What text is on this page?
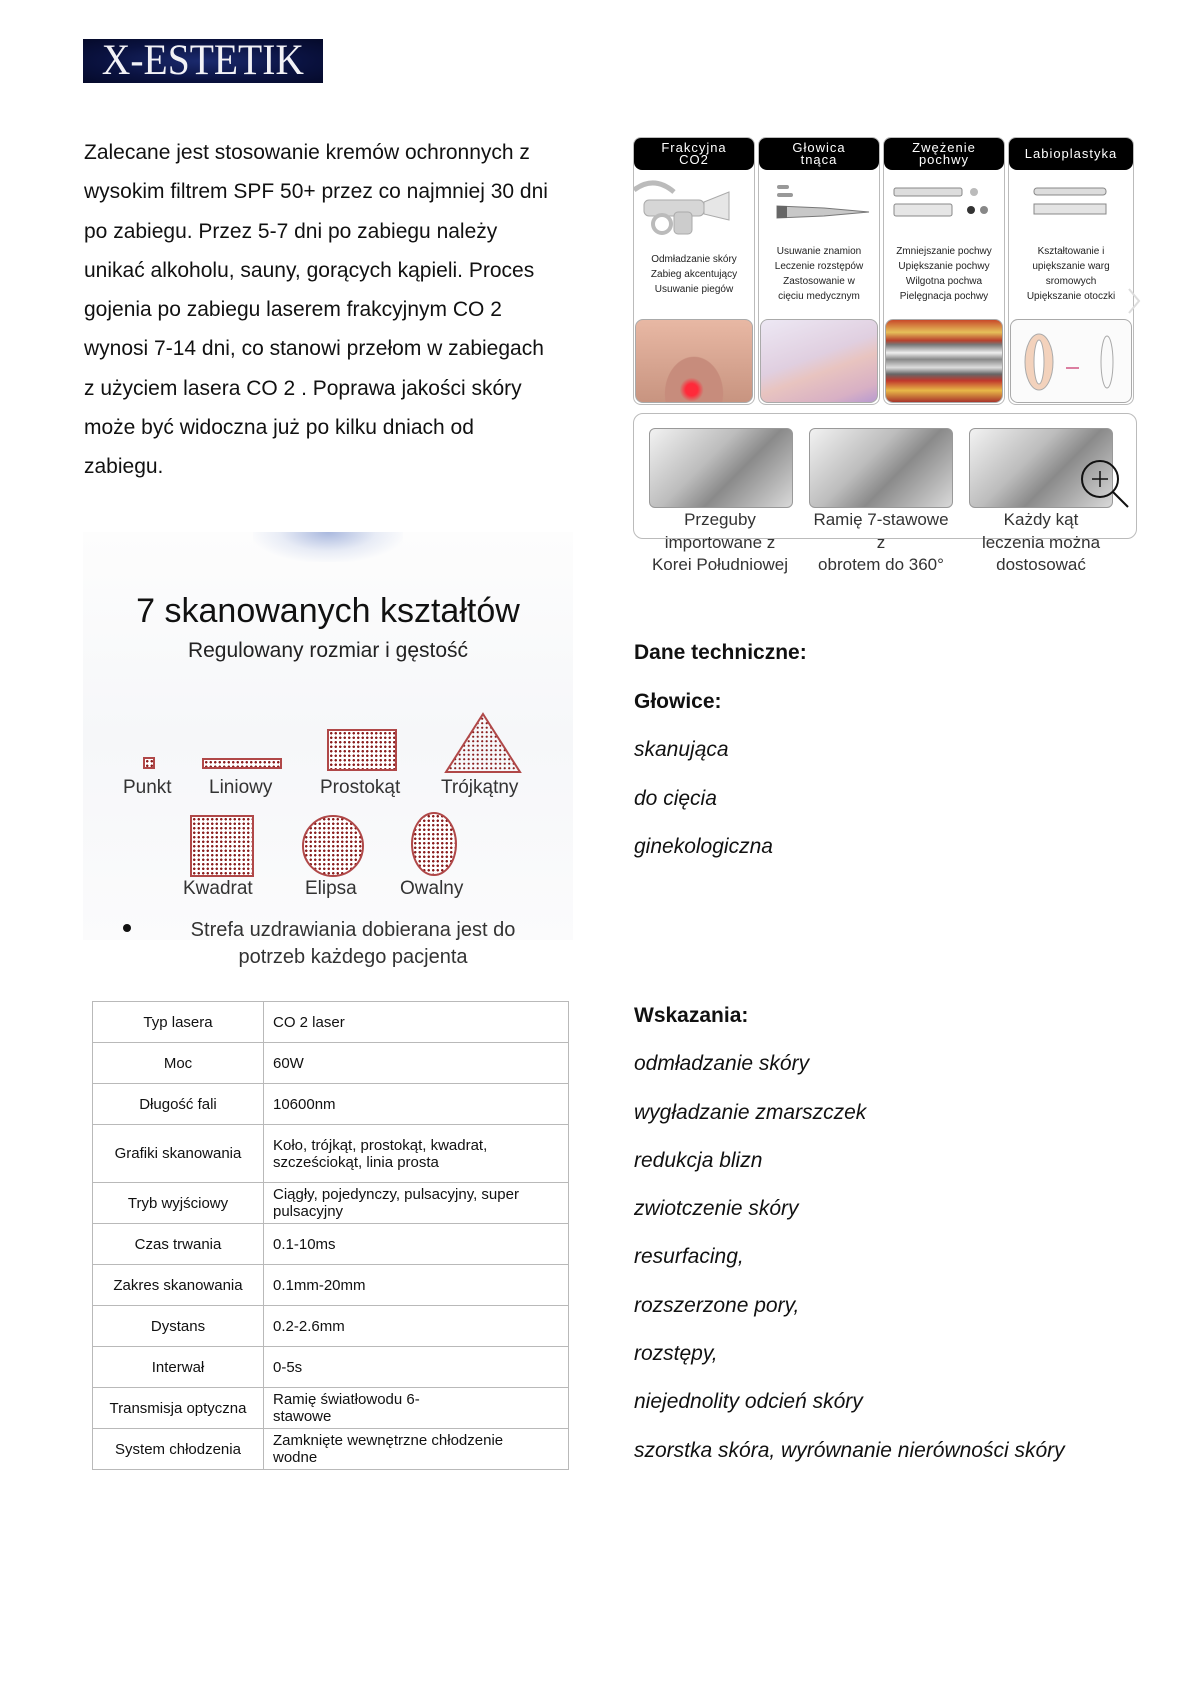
X-ESTETIK
Zalecane jest stosowanie kremów ochronnych z
wysokim filtrem SPF 50+ przez co najmniej 30 dni
po zabiegu. Przez 5-7 dni po zabiegu należy
unikać alkoholu, sauny, gorących kąpieli. Proces
gojenia po zabiegu laserem frakcyjnym CO 2
wynosi 7-14 dni, co stanowi przełom w zabiegach
z użyciem lasera CO 2 . Poprawa jakości skóry
może być widoczna już po kilku dniach od
zabiegu.
Frakcyjna
CO2
Odmładzanie skóry
Zabieg akcentujący
Usuwanie piegów
Głowica
tnąca
Usuwanie znamion
Leczenie rozstępów
Zastosowanie w
cięciu medycznym
Zwężenie
pochwy
Zmniejszanie pochwy
Upiększanie pochwy
Wilgotna pochwa
Pielęgnacja pochwy
Labioplastyka
Kształtowanie i
upiększanie warg
sromowych
Upiększanie otoczki
Przeguby
importowane z
Korei Południowej
Ramię 7-stawowe
z
obrotem do 360°
Każdy kąt
leczenia można
dostosować
7 skanowanych kształtów
Regulowany rozmiar i gęstość
Punkt Liniowy	Prostokąt Trójkątny
Kwadrat	Elipsa Owalny
Strefa uzdrawiania dobierana jest do
potrzeb każdego pacjenta
Typ lasera	CO 2 laser
Moc	60W
Długość fali	10600nm
Grafiki skanowania	Koło, trójkąt, prostokąt, kwadrat, szcześciokąt, linia prosta
Tryb wyjściowy	Ciągły, pojedynczy, pulsacyjny, super pulsacyjny
Czas trwania	0.1-10ms
Zakres skanowania	0.1mm-20mm
Dystans	0.2-2.6mm
Interwał	0-5s
Transmisja optyczna	Ramię światłowodu 6-stawowe
System chłodzenia	Zamknięte wewnętrzne chłodzenie wodne
Dane techniczne:
Głowice:
skanująca
do cięcia
ginekologiczna
Wskazania:
odmładzanie skóry
wygładzanie zmarszczek
redukcja blizn
zwiotczenie skóry
resurfacing,
rozszerzone pory,
rozstępy,
niejednolity odcień skóry
szorstka skóra, wyrównanie nierówności skóry
